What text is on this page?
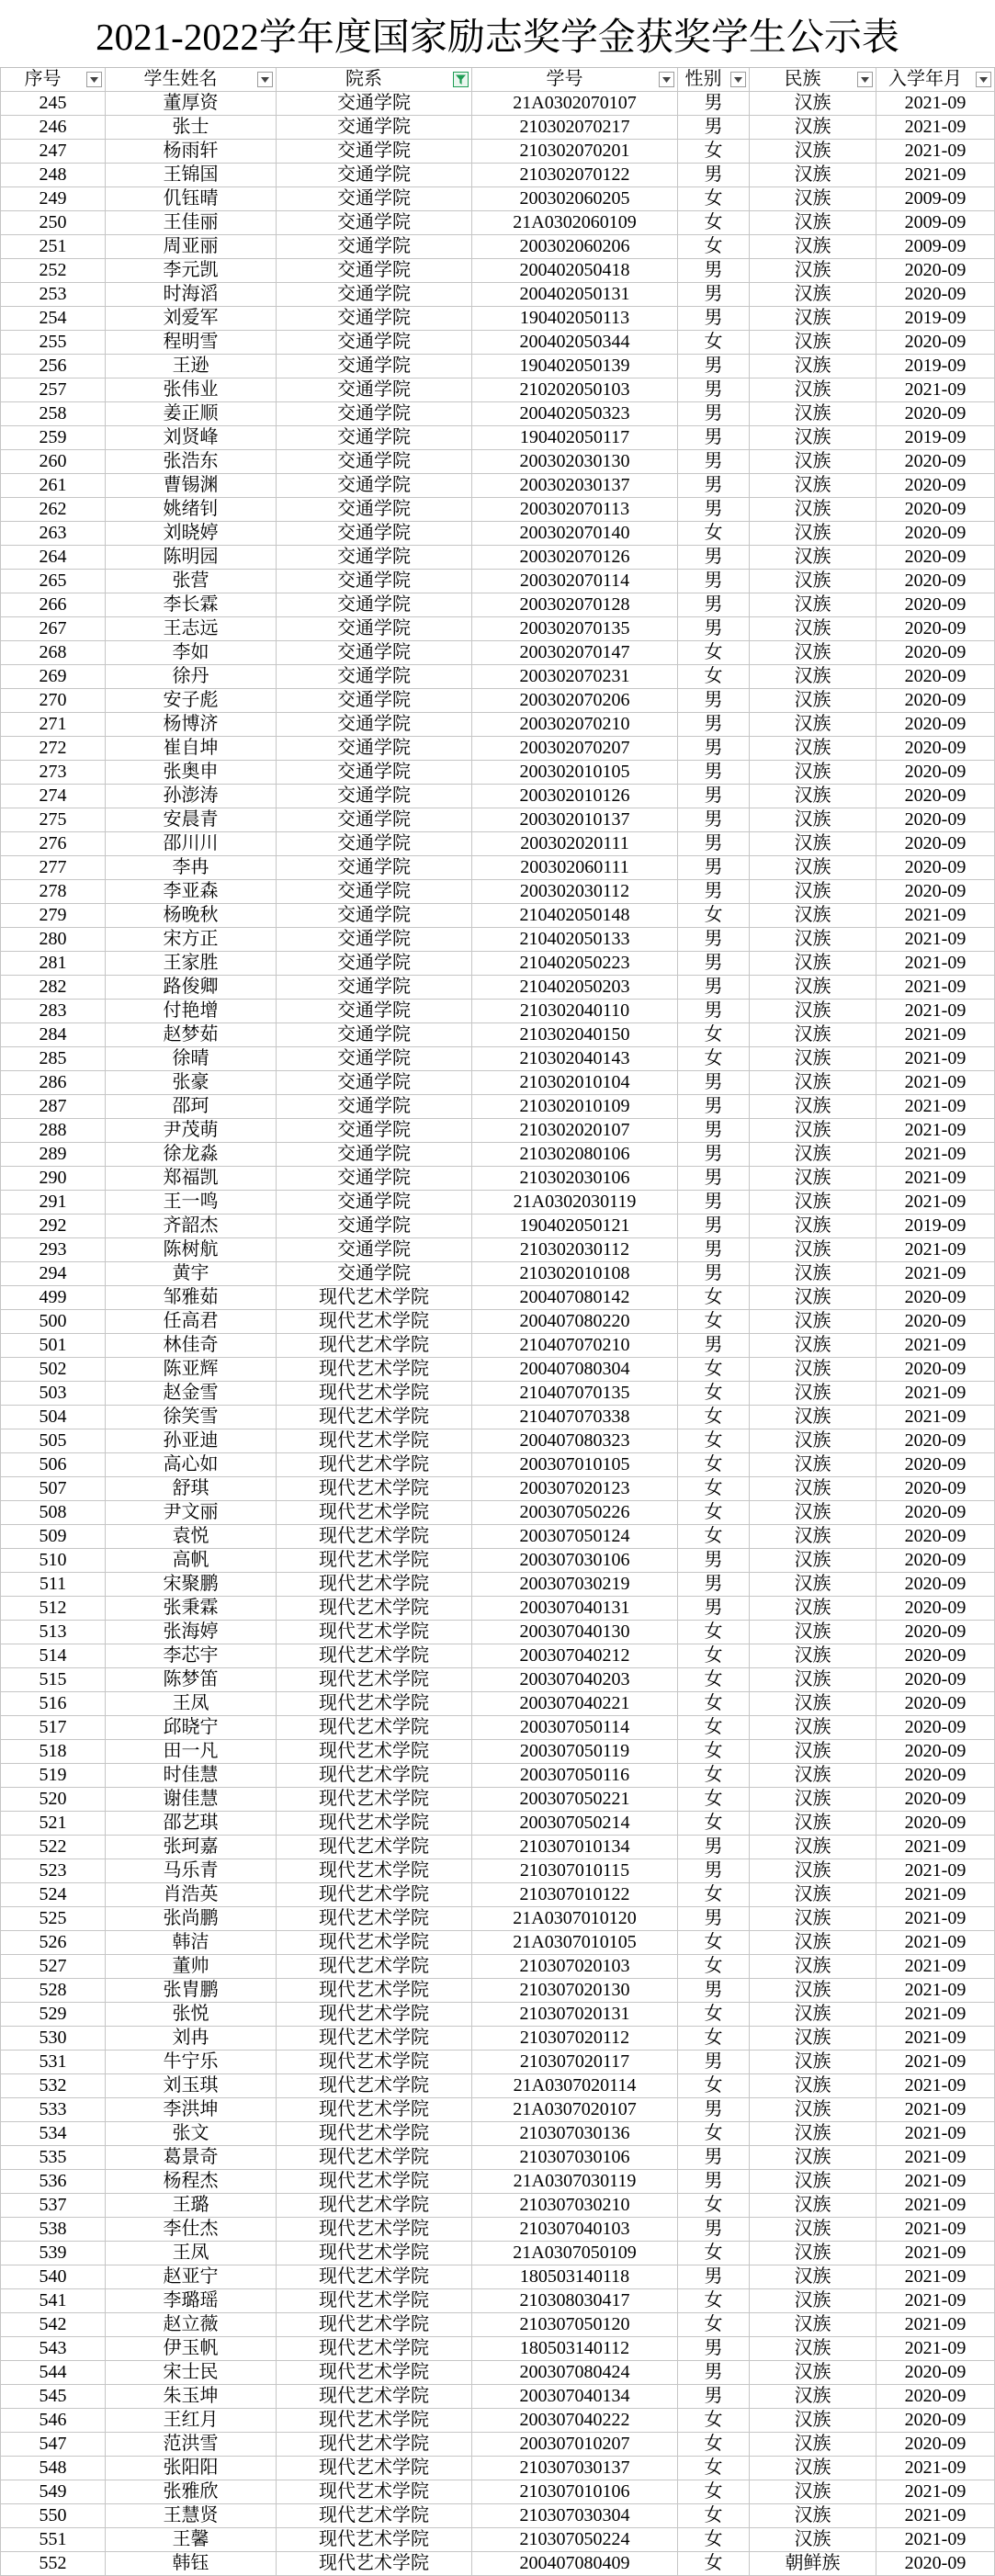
2021-2022学年度国家励志奖学金获奖学生公示表
序号	学生姓名	院系	学号	性别	民族	入学年月
245	董厚资	交通学院	21A0302070107	男	汉族	2021-09
246	张士	交通学院	210302070217	男	汉族	2021-09
247	杨雨轩	交通学院	210302070201	女	汉族	2021-09
248	王锦国	交通学院	210302070122	男	汉族	2021-09
249	仉钰晴	交通学院	200302060205	女	汉族	2009-09
250	王佳丽	交通学院	21A0302060109	女	汉族	2009-09
251	周亚丽	交通学院	200302060206	女	汉族	2009-09
252	李元凯	交通学院	200402050418	男	汉族	2020-09
253	时海滔	交通学院	200402050131	男	汉族	2020-09
254	刘爱军	交通学院	190402050113	男	汉族	2019-09
255	程明雪	交通学院	200402050344	女	汉族	2020-09
256	王逊	交通学院	190402050139	男	汉族	2019-09
257	张伟业	交通学院	210202050103	男	汉族	2021-09
258	姜正顺	交通学院	200402050323	男	汉族	2020-09
259	刘贤峰	交通学院	190402050117	男	汉族	2019-09
260	张浩东	交通学院	200302030130	男	汉族	2020-09
261	曹锡渊	交通学院	200302030137	男	汉族	2020-09
262	姚绪钊	交通学院	200302070113	男	汉族	2020-09
263	刘晓婷	交通学院	200302070140	女	汉族	2020-09
264	陈明园	交通学院	200302070126	男	汉族	2020-09
265	张营	交通学院	200302070114	男	汉族	2020-09
266	李长霖	交通学院	200302070128	男	汉族	2020-09
267	王志远	交通学院	200302070135	男	汉族	2020-09
268	李如	交通学院	200302070147	女	汉族	2020-09
269	徐丹	交通学院	200302070231	女	汉族	2020-09
270	安子彪	交通学院	200302070206	男	汉族	2020-09
271	杨博济	交通学院	200302070210	男	汉族	2020-09
272	崔自坤	交通学院	200302070207	男	汉族	2020-09
273	张奥申	交通学院	200302010105	男	汉族	2020-09
274	孙澎涛	交通学院	200302010126	男	汉族	2020-09
275	安晨青	交通学院	200302010137	男	汉族	2020-09
276	邵川川	交通学院	200302020111	男	汉族	2020-09
277	李冉	交通学院	200302060111	男	汉族	2020-09
278	李亚森	交通学院	200302030112	男	汉族	2020-09
279	杨晚秋	交通学院	210402050148	女	汉族	2021-09
280	宋方正	交通学院	210402050133	男	汉族	2021-09
281	王家胜	交通学院	210402050223	男	汉族	2021-09
282	路俊卿	交通学院	210402050203	男	汉族	2021-09
283	付艳增	交通学院	210302040110	男	汉族	2021-09
284	赵梦茹	交通学院	210302040150	女	汉族	2021-09
285	徐晴	交通学院	210302040143	女	汉族	2021-09
286	张豪	交通学院	210302010104	男	汉族	2021-09
287	邵珂	交通学院	210302010109	男	汉族	2021-09
288	尹茂萌	交通学院	210302020107	男	汉族	2021-09
289	徐龙淼	交通学院	210302080106	男	汉族	2021-09
290	郑福凯	交通学院	210302030106	男	汉族	2021-09
291	王一鸣	交通学院	21A0302030119	男	汉族	2021-09
292	齐韶杰	交通学院	190402050121	男	汉族	2019-09
293	陈树航	交通学院	210302030112	男	汉族	2021-09
294	黄宇	交通学院	210302010108	男	汉族	2021-09
499	邹雅茹	现代艺术学院	200407080142	女	汉族	2020-09
500	任高君	现代艺术学院	200407080220	女	汉族	2020-09
501	林佳奇	现代艺术学院	210407070210	男	汉族	2021-09
502	陈亚辉	现代艺术学院	200407080304	女	汉族	2020-09
503	赵金雪	现代艺术学院	210407070135	女	汉族	2021-09
504	徐笑雪	现代艺术学院	210407070338	女	汉族	2021-09
505	孙亚迪	现代艺术学院	200407080323	女	汉族	2020-09
506	高心如	现代艺术学院	200307010105	女	汉族	2020-09
507	舒琪	现代艺术学院	200307020123	女	汉族	2020-09
508	尹文丽	现代艺术学院	200307050226	女	汉族	2020-09
509	袁悦	现代艺术学院	200307050124	女	汉族	2020-09
510	高帆	现代艺术学院	200307030106	男	汉族	2020-09
511	宋聚鹏	现代艺术学院	200307030219	男	汉族	2020-09
512	张秉霖	现代艺术学院	200307040131	男	汉族	2020-09
513	张海婷	现代艺术学院	200307040130	女	汉族	2020-09
514	李芯宇	现代艺术学院	200307040212	女	汉族	2020-09
515	陈梦笛	现代艺术学院	200307040203	女	汉族	2020-09
516	王凤	现代艺术学院	200307040221	女	汉族	2020-09
517	邱晓宁	现代艺术学院	200307050114	女	汉族	2020-09
518	田一凡	现代艺术学院	200307050119	女	汉族	2020-09
519	时佳慧	现代艺术学院	200307050116	女	汉族	2020-09
520	谢佳慧	现代艺术学院	200307050221	女	汉族	2020-09
521	邵艺琪	现代艺术学院	200307050214	女	汉族	2020-09
522	张珂嘉	现代艺术学院	210307010134	男	汉族	2021-09
523	马乐青	现代艺术学院	210307010115	男	汉族	2021-09
524	肖浩英	现代艺术学院	210307010122	女	汉族	2021-09
525	张尚鹏	现代艺术学院	21A0307010120	男	汉族	2021-09
526	韩洁	现代艺术学院	21A0307010105	女	汉族	2021-09
527	董帅	现代艺术学院	210307020103	女	汉族	2021-09
528	张胄鹏	现代艺术学院	210307020130	男	汉族	2021-09
529	张悦	现代艺术学院	210307020131	女	汉族	2021-09
530	刘冉	现代艺术学院	210307020112	女	汉族	2021-09
531	牛宁乐	现代艺术学院	210307020117	男	汉族	2021-09
532	刘玉琪	现代艺术学院	21A0307020114	女	汉族	2021-09
533	李洪坤	现代艺术学院	21A0307020107	男	汉族	2021-09
534	张文	现代艺术学院	210307030136	女	汉族	2021-09
535	葛景奇	现代艺术学院	210307030106	男	汉族	2021-09
536	杨程杰	现代艺术学院	21A0307030119	男	汉族	2021-09
537	王璐	现代艺术学院	210307030210	女	汉族	2021-09
538	李仕杰	现代艺术学院	210307040103	男	汉族	2021-09
539	王凤	现代艺术学院	21A0307050109	女	汉族	2021-09
540	赵亚宁	现代艺术学院	180503140118	男	汉族	2021-09
541	李璐瑶	现代艺术学院	210308030417	女	汉族	2021-09
542	赵立薇	现代艺术学院	210307050120	女	汉族	2021-09
543	伊玉帆	现代艺术学院	180503140112	男	汉族	2021-09
544	宋士民	现代艺术学院	200307080424	男	汉族	2020-09
545	朱玉坤	现代艺术学院	200307040134	男	汉族	2020-09
546	王红月	现代艺术学院	200307040222	女	汉族	2020-09
547	范洪雪	现代艺术学院	200307010207	女	汉族	2020-09
548	张阳阳	现代艺术学院	210307030137	女	汉族	2021-09
549	张雅欣	现代艺术学院	210307010106	女	汉族	2021-09
550	王慧贤	现代艺术学院	210307030304	女	汉族	2021-09
551	王馨	现代艺术学院	210307050224	女	汉族	2021-09
552	韩钰	现代艺术学院	200407080409	女	朝鲜族	2020-09
